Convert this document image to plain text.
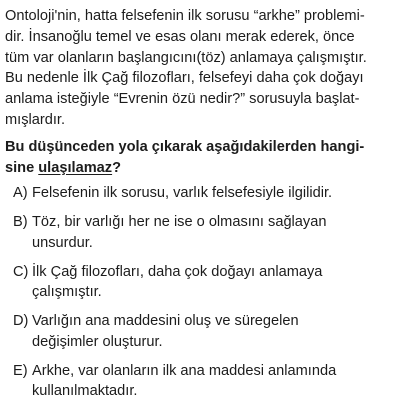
Ontoloji'nin, hatta felsefenin ilk sorusu “arkhe” problemi-
dir. İnsanoğlu temel ve esas olanı merak ederek, önce
tüm var olanların başlangıcını(töz) anlamaya çalışmıştır.
Bu nedenle İlk Çağ filozofları, felsefeyi daha çok doğayı
anlama isteğiyle “Evrenin özü nedir?” sorusuyla başlat-
mışlardır.
Bu düşünceden yola çıkarak aşağıdakilerden hangi-
sine ulaşılamaz?
A) Felsefenin ilk sorusu, varlık felsefesiyle ilgilidir.
B) Töz, bir varlığı her ne ise o olmasını sağlayan
unsurdur.
C) İlk Çağ filozofları, daha çok doğayı anlamaya
çalışmıştır.
D) Varlığın ana maddesini oluş ve süregelen
değişimler oluşturur.
E) Arkhe, var olanların ilk ana maddesi anlamında
kullanılmaktadır.
